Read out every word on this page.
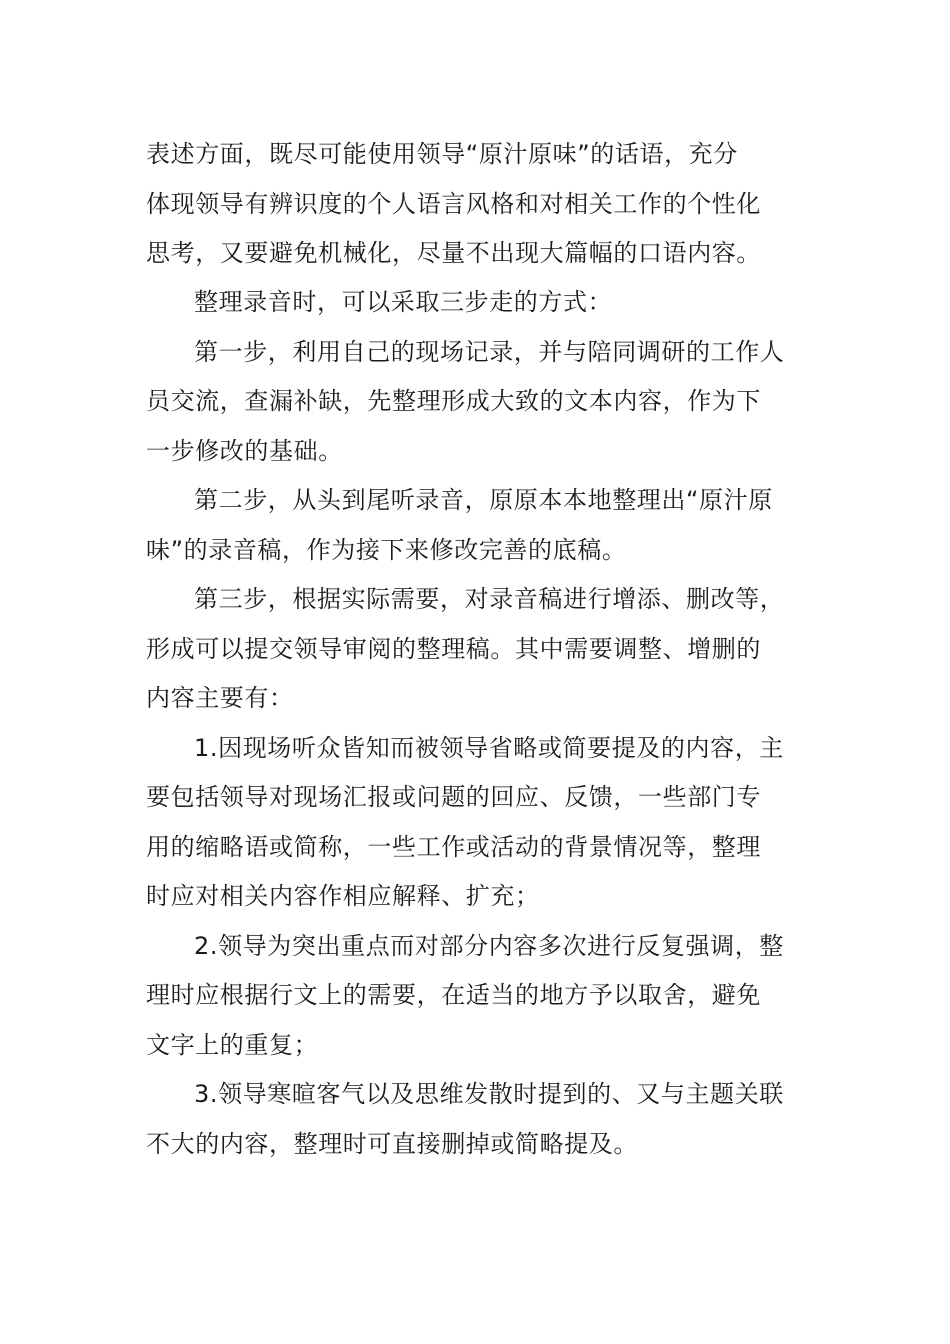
表述方面，既尽可能使用领导“原汁原味”的话语，充分
体现领导有辨识度的个人语言风格和对相关工作的个性化
思考，又要避免机械化，尽量不出现大篇幅的口语内容。
整理录音时，可以采取三步走的方式：
第一步，利用自己的现场记录，并与陪同调研的工作人
员交流，查漏补缺，先整理形成大致的文本内容，作为下
一步修改的基础。
第二步，从头到尾听录音，原原本本地整理出“原汁原
味”的录音稿，作为接下来修改完善的底稿。
第三步，根据实际需要，对录音稿进行增添、删改等，
形成可以提交领导审阅的整理稿。其中需要调整、增删的
内容主要有：
1.因现场听众皆知而被领导省略或简要提及的内容，主
要包括领导对现场汇报或问题的回应、反馈，一些部门专
用的缩略语或简称，一些工作或活动的背景情况等，整理
时应对相关内容作相应解释、扩充；
2.领导为突出重点而对部分内容多次进行反复强调，整
理时应根据行文上的需要，在适当的地方予以取舍，避免
文字上的重复；
3.领导寒暄客气以及思维发散时提到的、又与主题关联
不大的内容，整理时可直接删掉或简略提及。
